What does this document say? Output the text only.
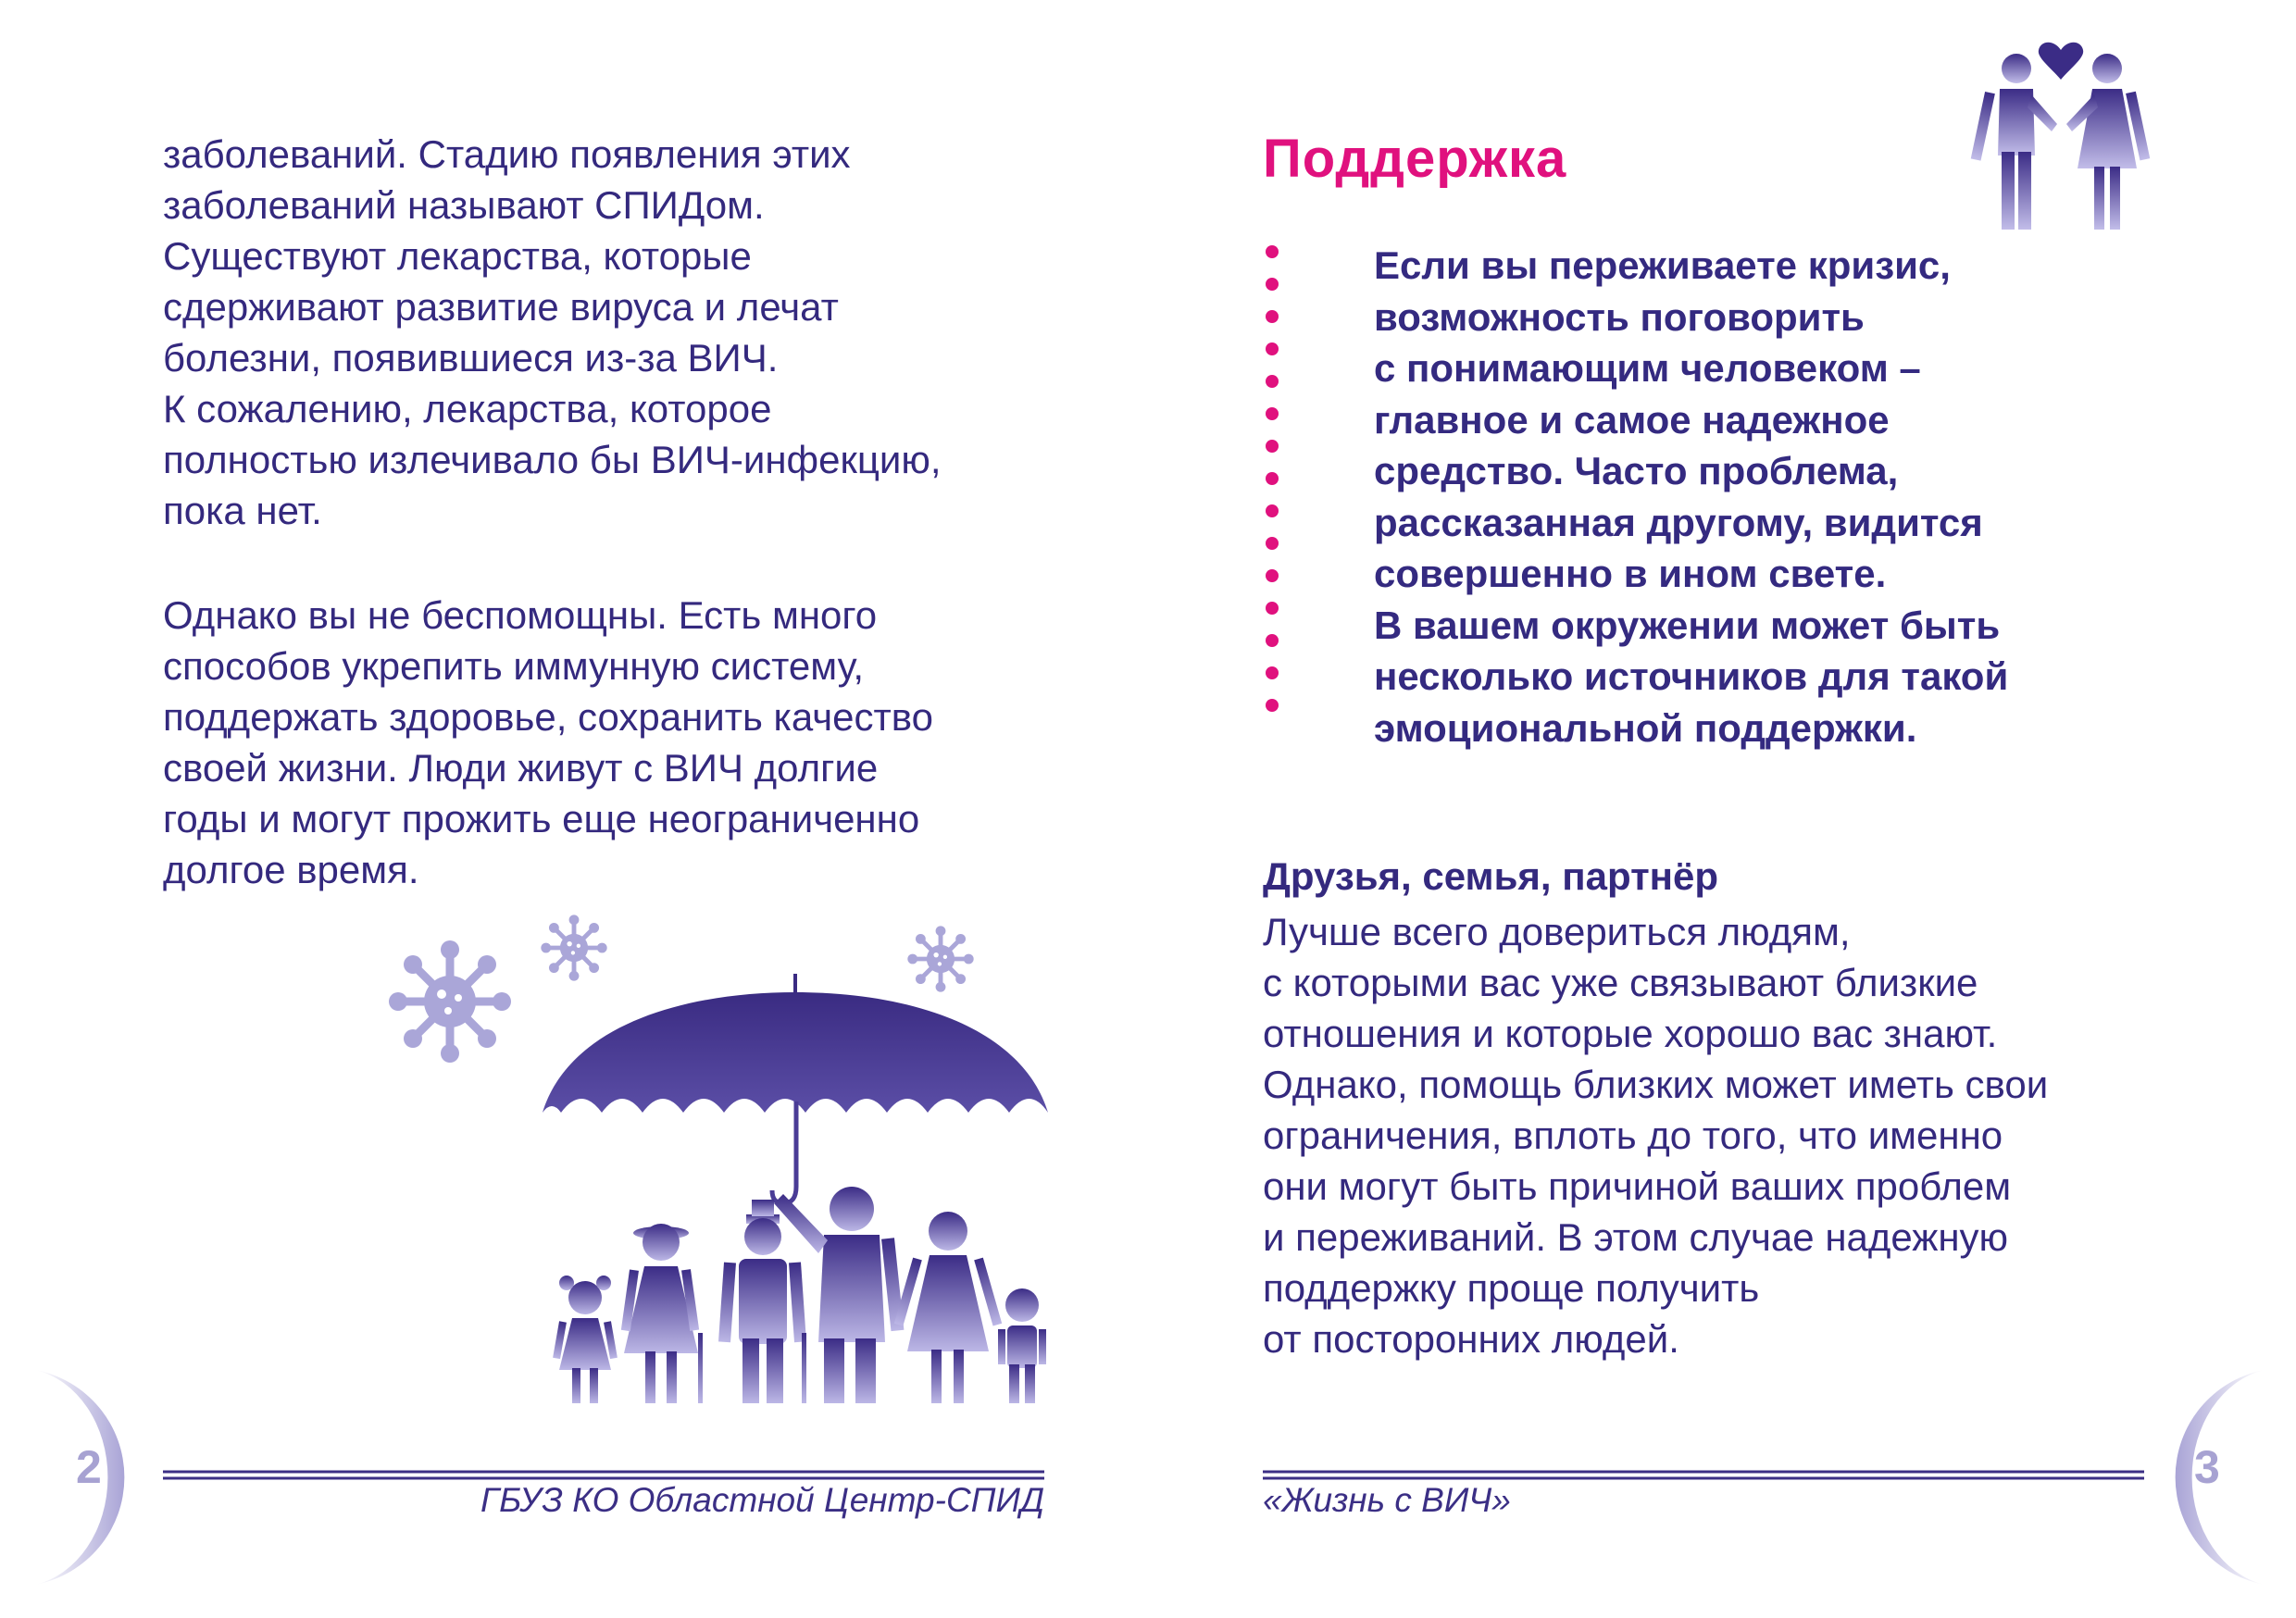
заболеваний. Стадию появления этих
заболеваний называют СПИДом.
Существуют лекарства, которые
сдерживают развитие вируса и лечат
болезни, появившиеся из-за ВИЧ.
К сожалению, лекарства, которое
полностью излечивало бы ВИЧ-инфекцию,
пока нет.
Однако вы не беспомощны. Есть много
способов укрепить иммунную систему,
поддержать здоровье, сохранить качество
своей жизни. Люди живут с ВИЧ долгие
годы и могут прожить еще неограниченно
долгое время.
2
ГБУЗ КО Областной Центр-СПИД
Поддержка
Если вы переживаете кризис,
возможность поговорить
с понимающим человеком –
главное и самое надежное
средство. Часто проблема,
рассказанная другому, видится
совершенно в ином свете.
В вашем окружении может быть
несколько источников для такой
эмоциональной поддержки.
Друзья, семья, партнёр
Лучше всего довериться людям,
с которыми вас уже связывают близкие
отношения и которые хорошо вас знают.
Однако, помощь близких может иметь свои
ограничения, вплоть до того, что именно
они могут быть причиной ваших проблем
и переживаний. В этом случае надежную
поддержку проще получить
от посторонних людей.
«Жизнь с ВИЧ»
3
